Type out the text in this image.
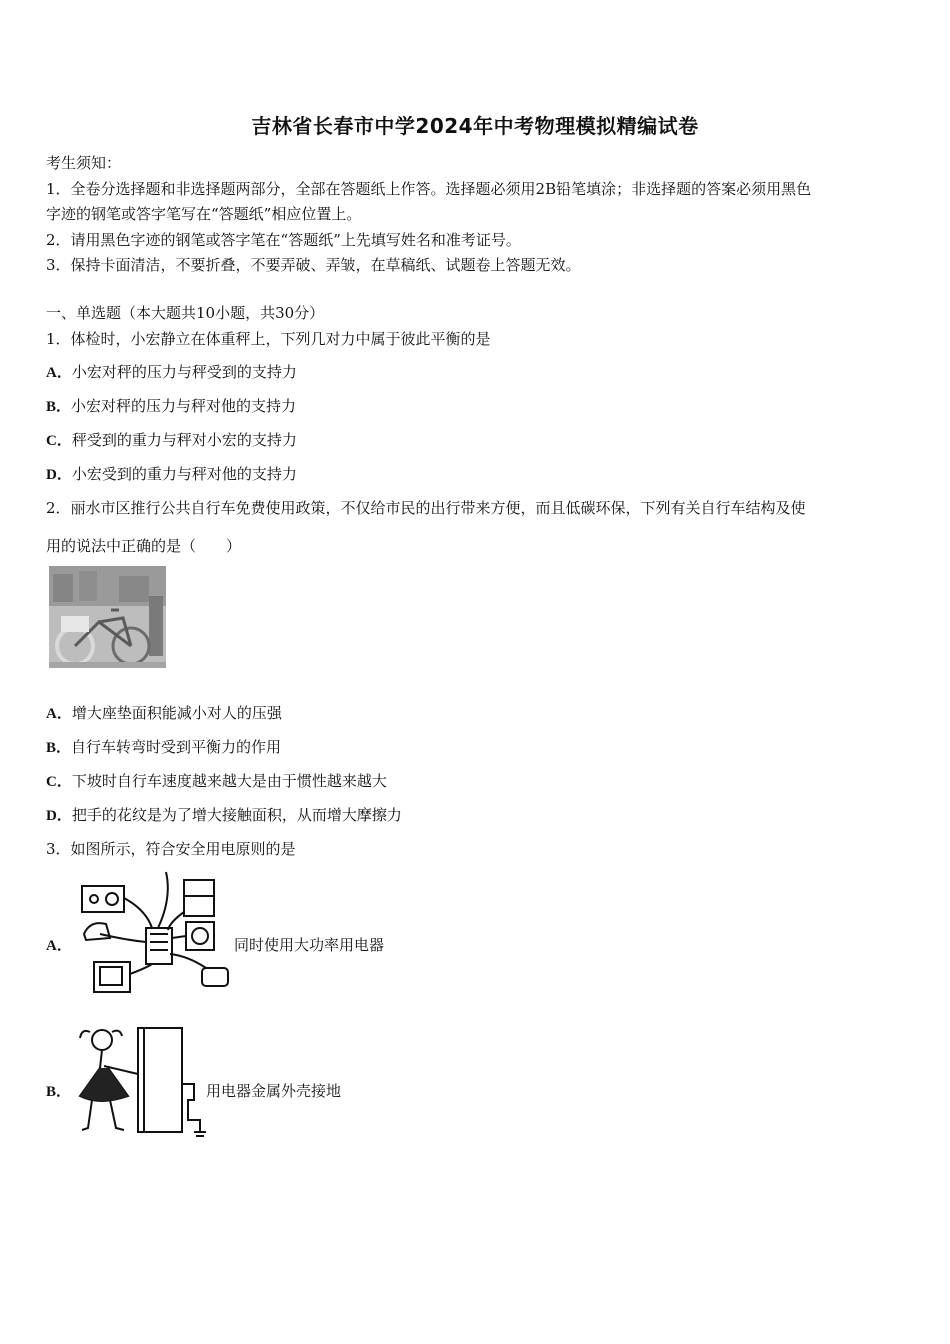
吉林省长春市中学2024年中考物理模拟精编试卷
考生须知：
1．全卷分选择题和非选择题两部分，全部在答题纸上作答。选择题必须用2B铅笔填涂；非选择题的答案必须用黑色
字迹的钢笔或答字笔写在“答题纸”相应位置上。
2．请用黑色字迹的钢笔或答字笔在“答题纸”上先填写姓名和准考证号。
3．保持卡面清洁，不要折叠，不要弄破、弄皱，在草稿纸、试题卷上答题无效。
一、单选题（本大题共10小题，共30分）
1．体检时，小宏静立在体重秤上，下列几对力中属于彼此平衡的是
A．小宏对秤的压力与秤受到的支持力
B．小宏对秤的压力与秤对他的支持力
C．秤受到的重力与秤对小宏的支持力
D．小宏受到的重力与秤对他的支持力
2．丽水市区推行公共自行车免费使用政策，不仅给市民的出行带来方便，而且低碳环保，下列有关自行车结构及使
用的说法中正确的是（　　）
A．增大座垫面积能减小对人的压强
B．自行车转弯时受到平衡力的作用
C．下坡时自行车速度越来越大是由于惯性越来越大
D．把手的花纹是为了增大接触面积，从而增大摩擦力
3．如图所示，符合安全用电原则的是
A．	同时使用大功率用电器
B．	用电器金属外壳接地
